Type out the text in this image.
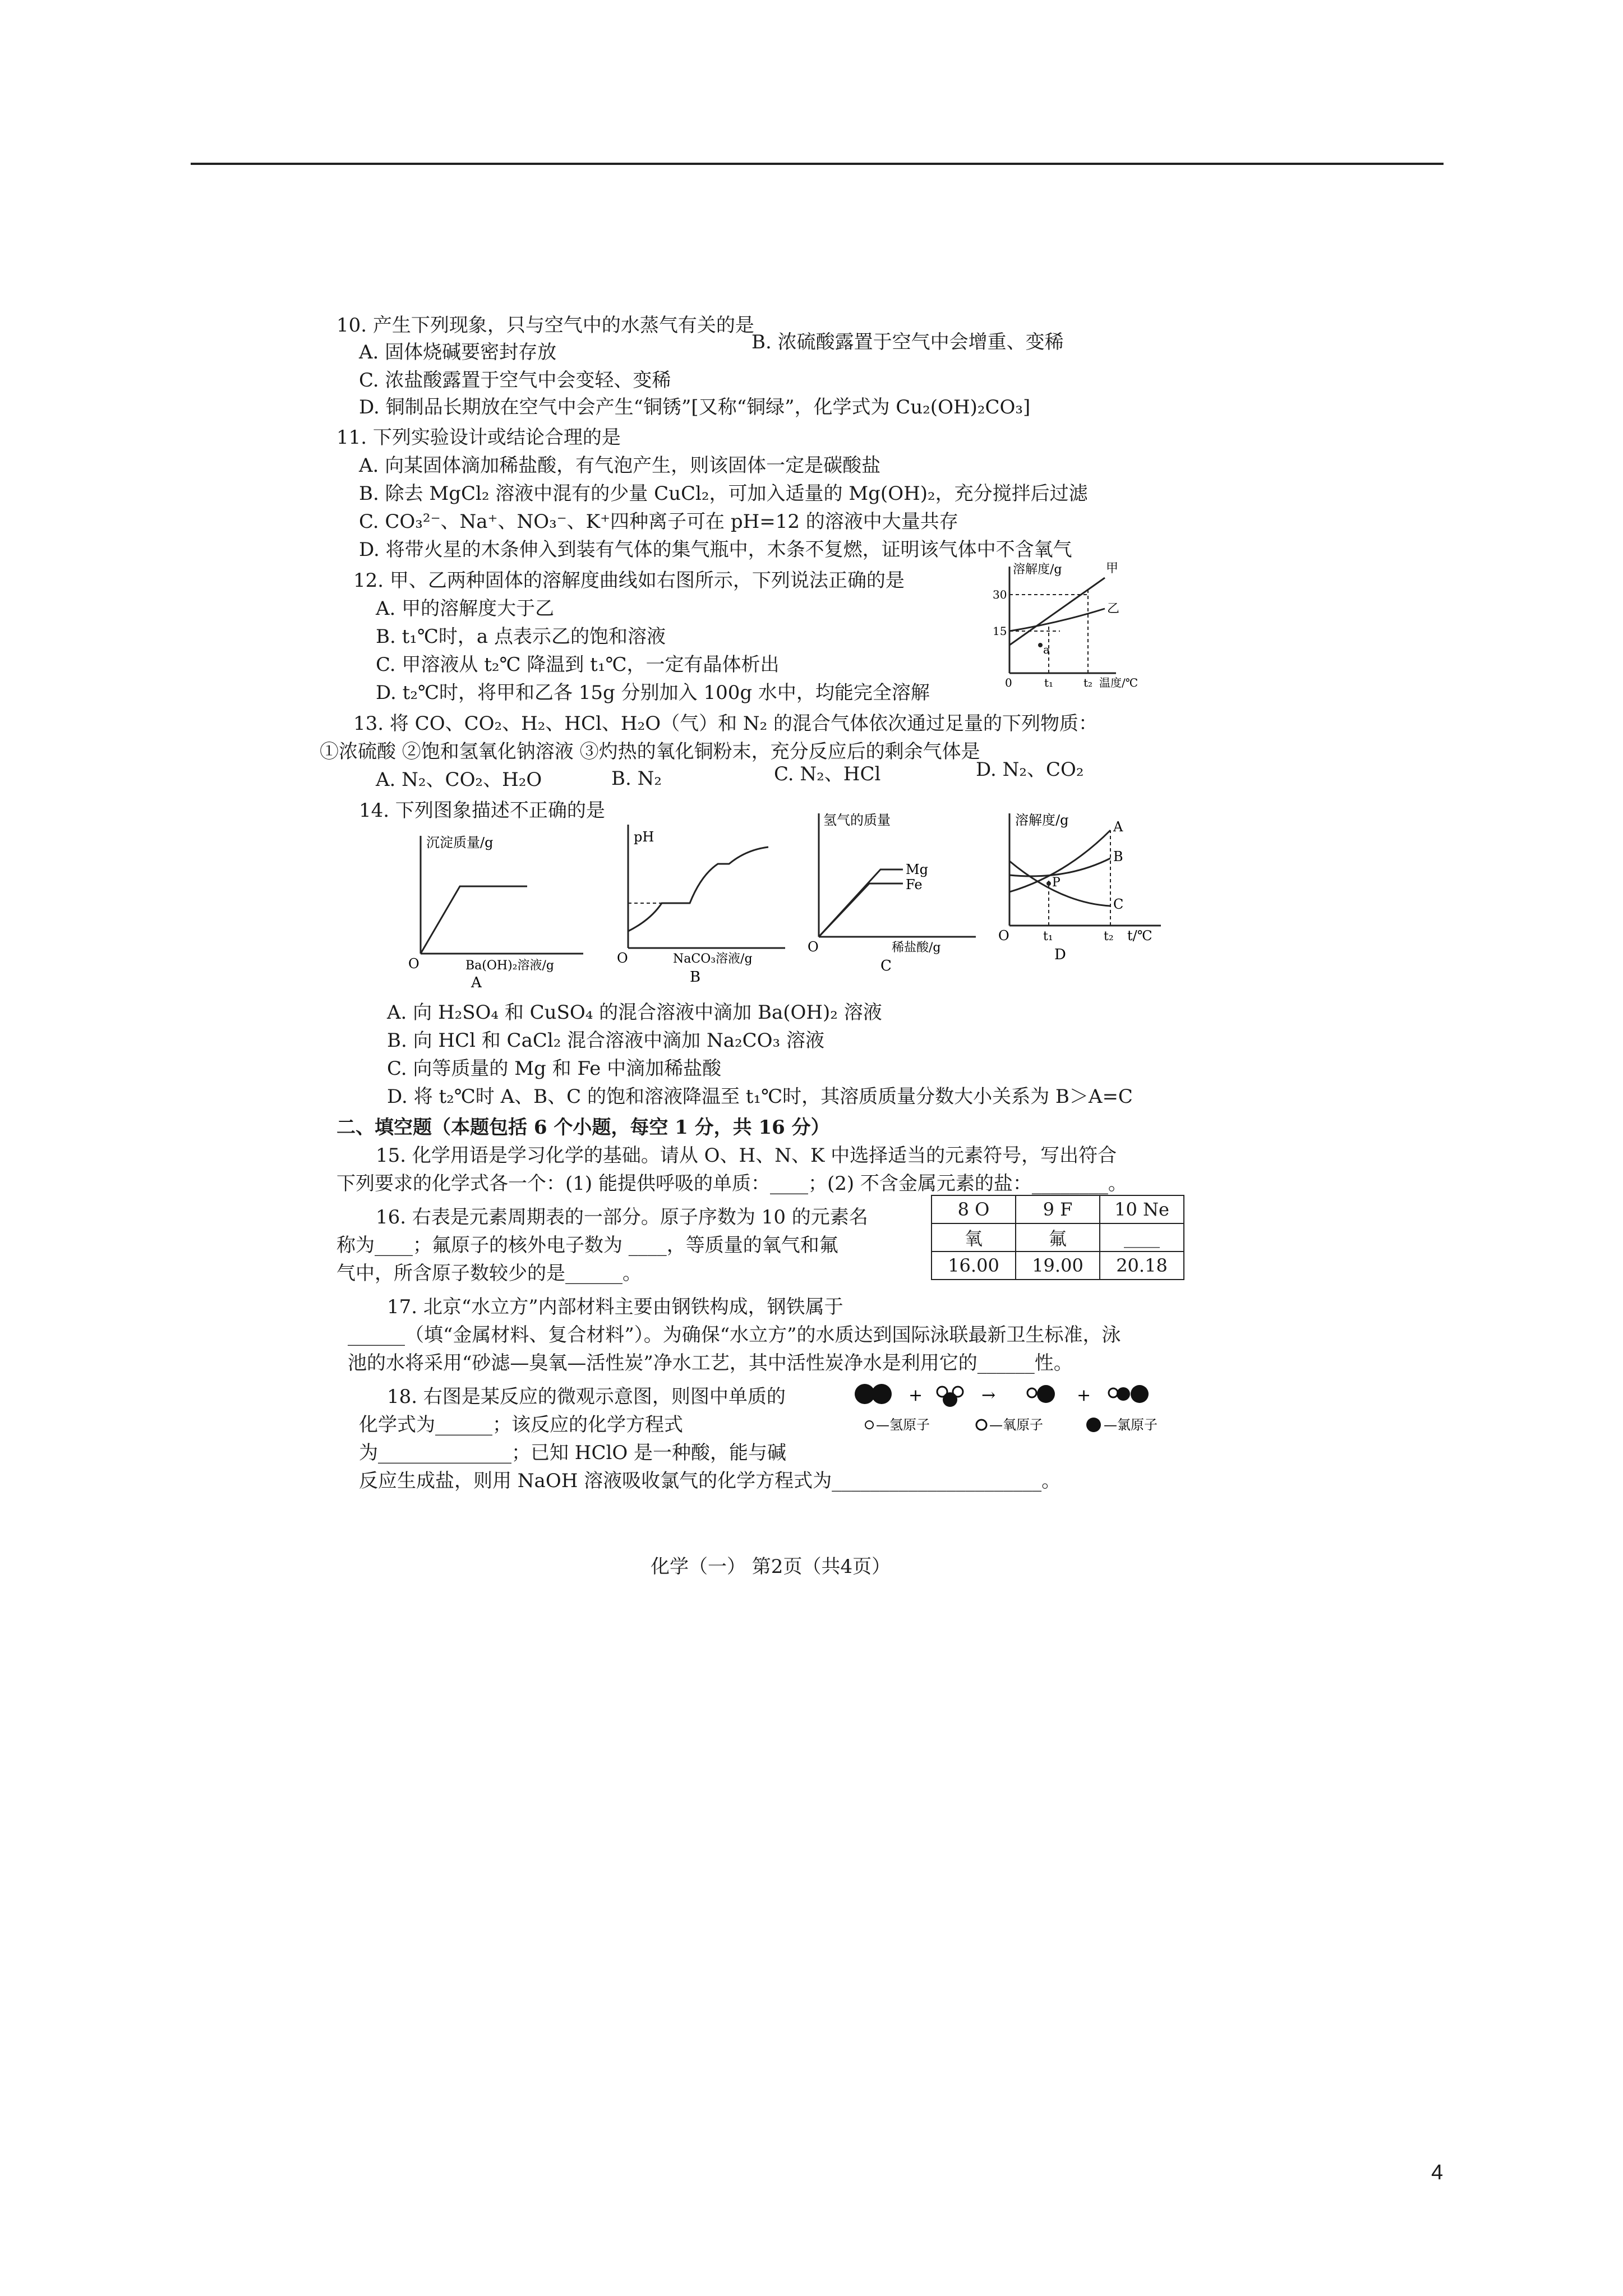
10. 产生下列现象，只与空气中的水蒸气有关的是
A. 固体烧碱要密封存放	B. 浓硫酸露置于空气中会增重、变稀
C. 浓盐酸露置于空气中会变轻、变稀
D. 铜制品长期放在空气中会产生“铜锈”[又称“铜绿”，化学式为 Cu₂(OH)₂CO₃]
11. 下列实验设计或结论合理的是
A. 向某固体滴加稀盐酸，有气泡产生，则该固体一定是碳酸盐
B. 除去 MgCl₂ 溶液中混有的少量 CuCl₂，可加入适量的 Mg(OH)₂，充分搅拌后过滤
C. CO₃²⁻、Na⁺、NO₃⁻、K⁺四种离子可在 pH=12 的溶液中大量共存
D. 将带火星的木条伸入到装有气体的集气瓶中，木条不复燃，证明该气体中不含氧气
12. 甲、乙两种固体的溶解度曲线如右图所示，下列说法正确的是
A. 甲的溶解度大于乙
B. t₁℃时，a 点表示乙的饱和溶液
C. 甲溶液从 t₂℃ 降温到 t₁℃，一定有晶体析出
D. t₂℃时，将甲和乙各 15g 分别加入 100g 水中，均能完全溶解
溶解度/g	甲
乙
30
15
a
0	t₁	t₂ 温度/℃
13. 将 CO、CO₂、H₂、HCl、H₂O（气）和 N₂ 的混合气体依次通过足量的下列物质：
①浓硫酸 ②饱和氢氧化钠溶液 ③灼热的氧化铜粉末，充分反应后的剩余气体是
A. N₂、CO₂、H₂O	B. N₂	C. N₂、HCl	D. N₂、CO₂
14. 下列图象描述不正确的是
沉淀质量/g
O	Ba(OH)₂溶液/g
A
pH
O	NaCO₃溶液/g
B
氢气的质量
Mg
Fe
O	稀盐酸/g
C
溶解度/g	A
B
C
P
O	t₁	t₂ t/℃
D
A. 向 H₂SO₄ 和 CuSO₄ 的混合溶液中滴加 Ba(OH)₂ 溶液
B. 向 HCl 和 CaCl₂ 混合溶液中滴加 Na₂CO₃ 溶液
C. 向等质量的 Mg 和 Fe 中滴加稀盐酸
D. 将 t₂℃时 A、B、C 的饱和溶液降温至 t₁℃时，其溶质质量分数大小关系为 B＞A=C
二、填空题（本题包括 6 个小题，每空 1 分，共 16 分）
15. 化学用语是学习化学的基础。请从 O、H、N、K 中选择适当的元素符号，写出符合
下列要求的化学式各一个：(1) 能提供呼吸的单质：____；(2) 不含金属元素的盐：________。
16. 右表是元素周期表的一部分。原子序数为 10 的元素名
称为____；氟原子的核外电子数为 ____，等质量的氧气和氟
气中，所含原子数较少的是______。
8 O	9 F	10 Ne
氧	氟	____
16.00	19.00	20.18
17. 北京“水立方”内部材料主要由钢铁构成，钢铁属于
______（填“金属材料、复合材料”）。为确保“水立方”的水质达到国际泳联最新卫生标准，泳
池的水将采用“砂滤—臭氧—活性炭”净水工艺，其中活性炭净水是利用它的______性。
18. 右图是某反应的微观示意图，则图中单质的
化学式为______；该反应的化学方程式
为______________；已知 HClO 是一种酸，能与碱
反应生成盐，则用 NaOH 溶液吸收氯气的化学方程式为______________________。
+	→	+
—氢原子	—氧原子	—氯原子
化学（一） 第2页（共4页）
4
